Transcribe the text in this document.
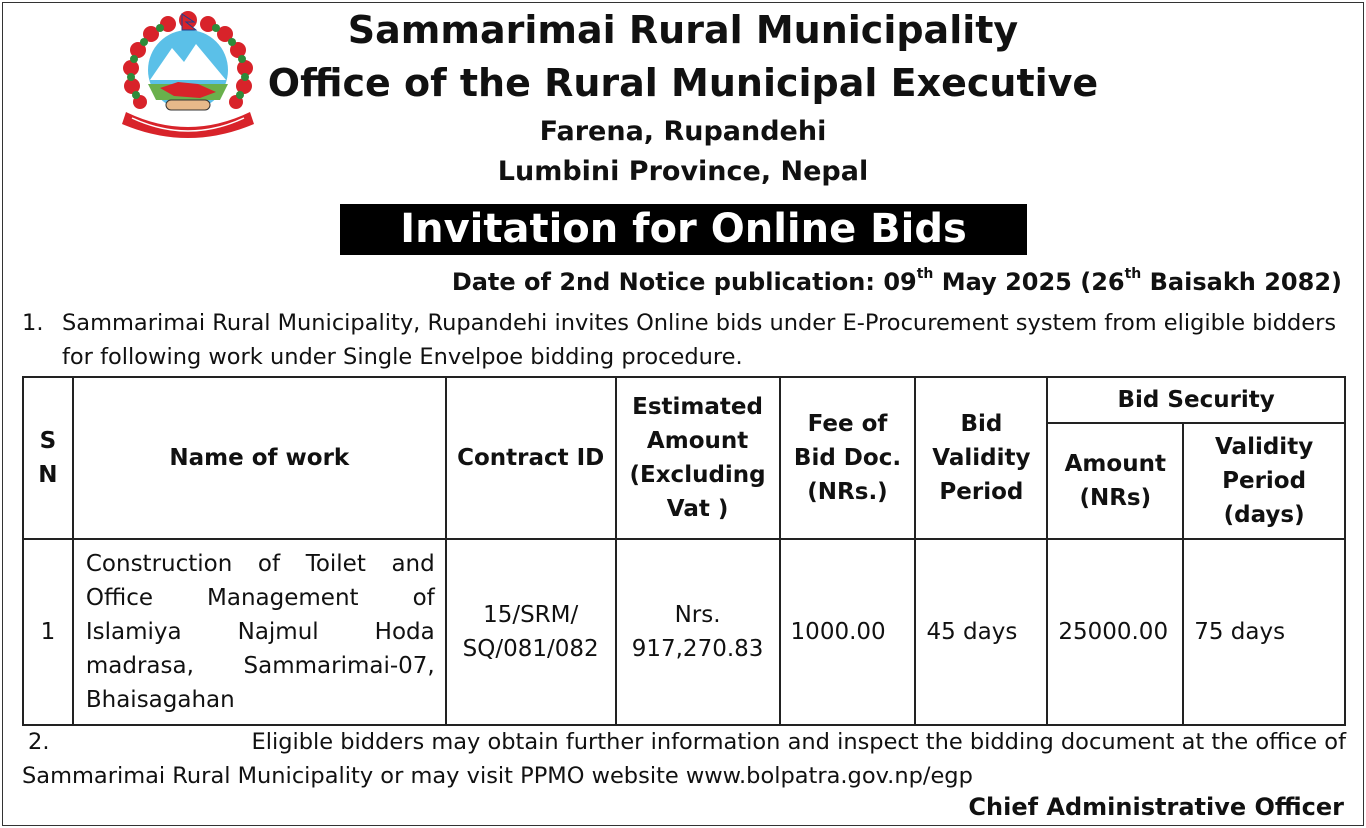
Sammarimai Rural Municipality
Office of the Rural Municipal Executive
Farena, Rupandehi
Lumbini Province, Nepal
Invitation for Online Bids
Date of 2nd Notice publication: 09th May 2025 (26th Baisakh 2082)
1. Sammarimai Rural Municipality, Rupandehi invites Online bids under E-Procurement system from eligible bidders for following work under Single Envelpoe bidding procedure.
S N	Name of work	Contract ID	Estimated Amount (Excluding Vat )	Fee of Bid Doc. (NRs.)	Bid Validity Period	Bid Security	
						Amount (NRs)	Validity Period (days)
1	Construction of Toilet and Office Management of Islamiya Najmul Hoda madrasa, Sammarimai-07, Bhaisagahan	15/SRM/ SQ/081/082	Nrs. 917,270.83	1000.00	45 days	25000.00	75 days
2.	Eligible bidders may obtain further information and inspect the bidding document at the office of
Sammarimai Rural Municipality or may visit PPMO website www.bolpatra.gov.np/egp
Chief Administrative Officer
